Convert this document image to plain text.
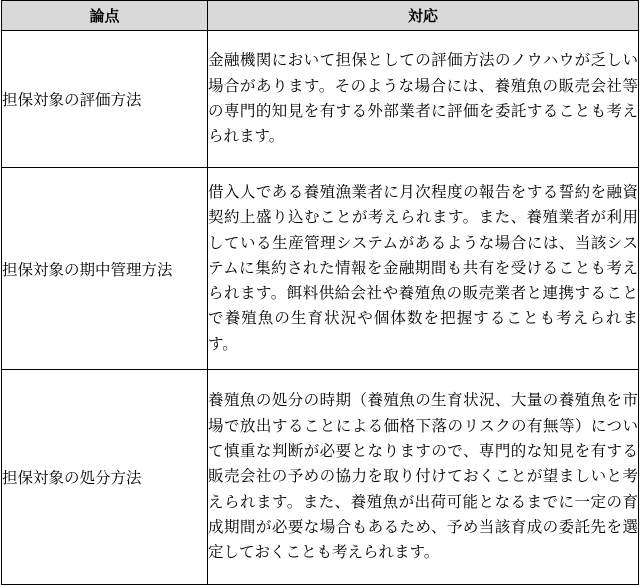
論点	対応
担保対象の評価方法	金融機関において担保としての評価方法のノウハウが乏しい場合があります。そのような場合には、養殖魚の販売会社等の専門的知見を有する外部業者に評価を委託することも考えられます。
担保対象の期中管理方法	借入人である養殖漁業者に月次程度の報告をする誓約を融資契約上盛り込むことが考えられます。また、養殖業者が利用している生産管理システムがあるような場合には、当該システムに集約された情報を金融期間も共有を受けることも考えられます。餌料供給会社や養殖魚の販売業者と連携することで養殖魚の生育状況や個体数を把握することも考えられます。
担保対象の処分方法	養殖魚の処分の時期（養殖魚の生育状況、大量の養殖魚を市場で放出することによる価格下落のリスクの有無等）について慎重な判断が必要となりますので、専門的な知見を有する販売会社の予めの協力を取り付けておくことが望ましいと考えられます。また、養殖魚が出荷可能となるまでに一定の育成期間が必要な場合もあるため、予め当該育成の委託先を選定しておくことも考えられます。
